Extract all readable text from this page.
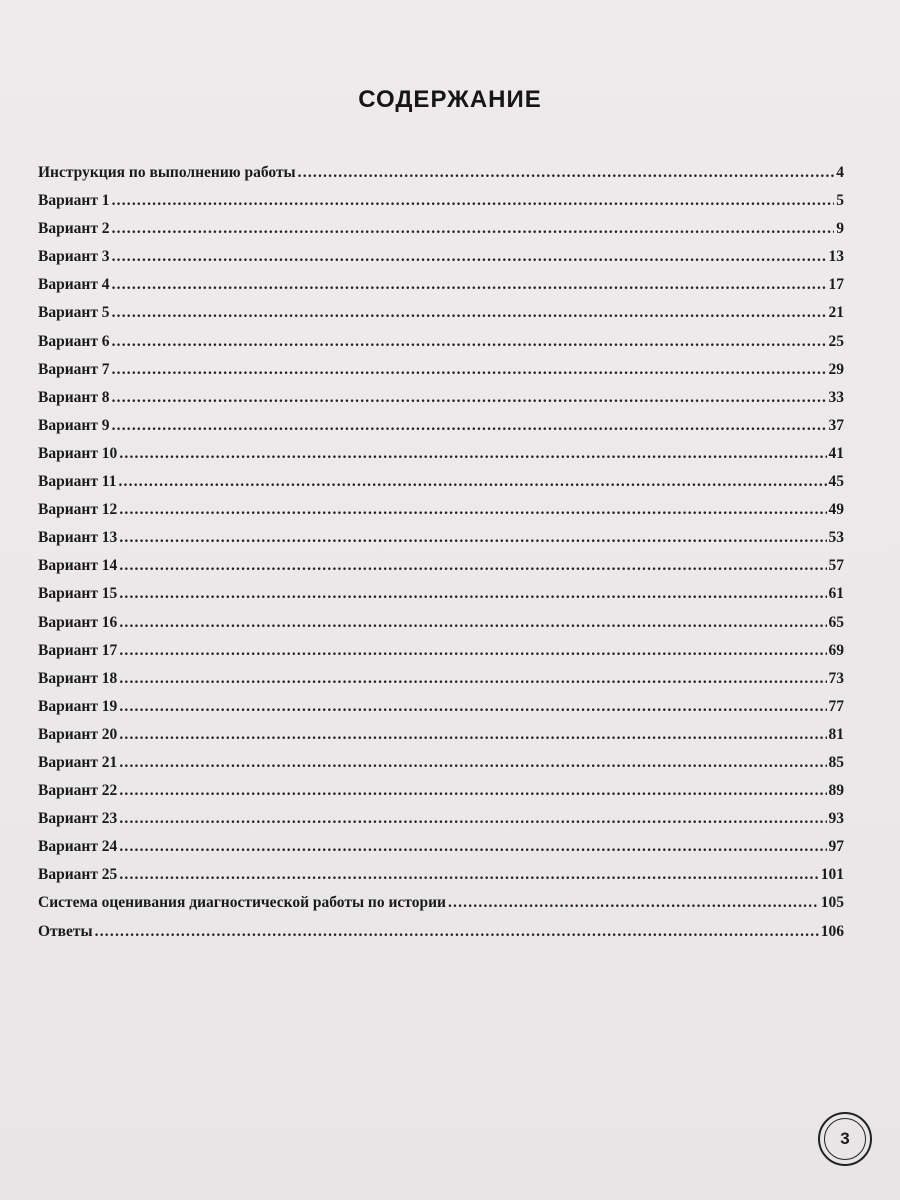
СОДЕРЖАНИЕ
Инструкция по выполнению работы .....	4
Вариант 1 .....	5
Вариант 2 .....	9
Вариант 3 .....	13
Вариант 4 .....	17
Вариант 5 .....	21
Вариант 6 .....	25
Вариант 7 .....	29
Вариант 8 .....	33
Вариант 9 .....	37
Вариант 10 .....	41
Вариант 11 .....	45
Вариант 12 .....	49
Вариант 13 .....	53
Вариант 14 .....	57
Вариант 15 .....	61
Вариант 16 .....	65
Вариант 17 .....	69
Вариант 18 .....	73
Вариант 19 .....	77
Вариант 20 .....	81
Вариант 21 .....	85
Вариант 22 .....	89
Вариант 23 .....	93
Вариант 24 .....	97
Вариант 25 .....	101
Система оценивания диагностической работы по истории .....	105
Ответы .....	106
3
